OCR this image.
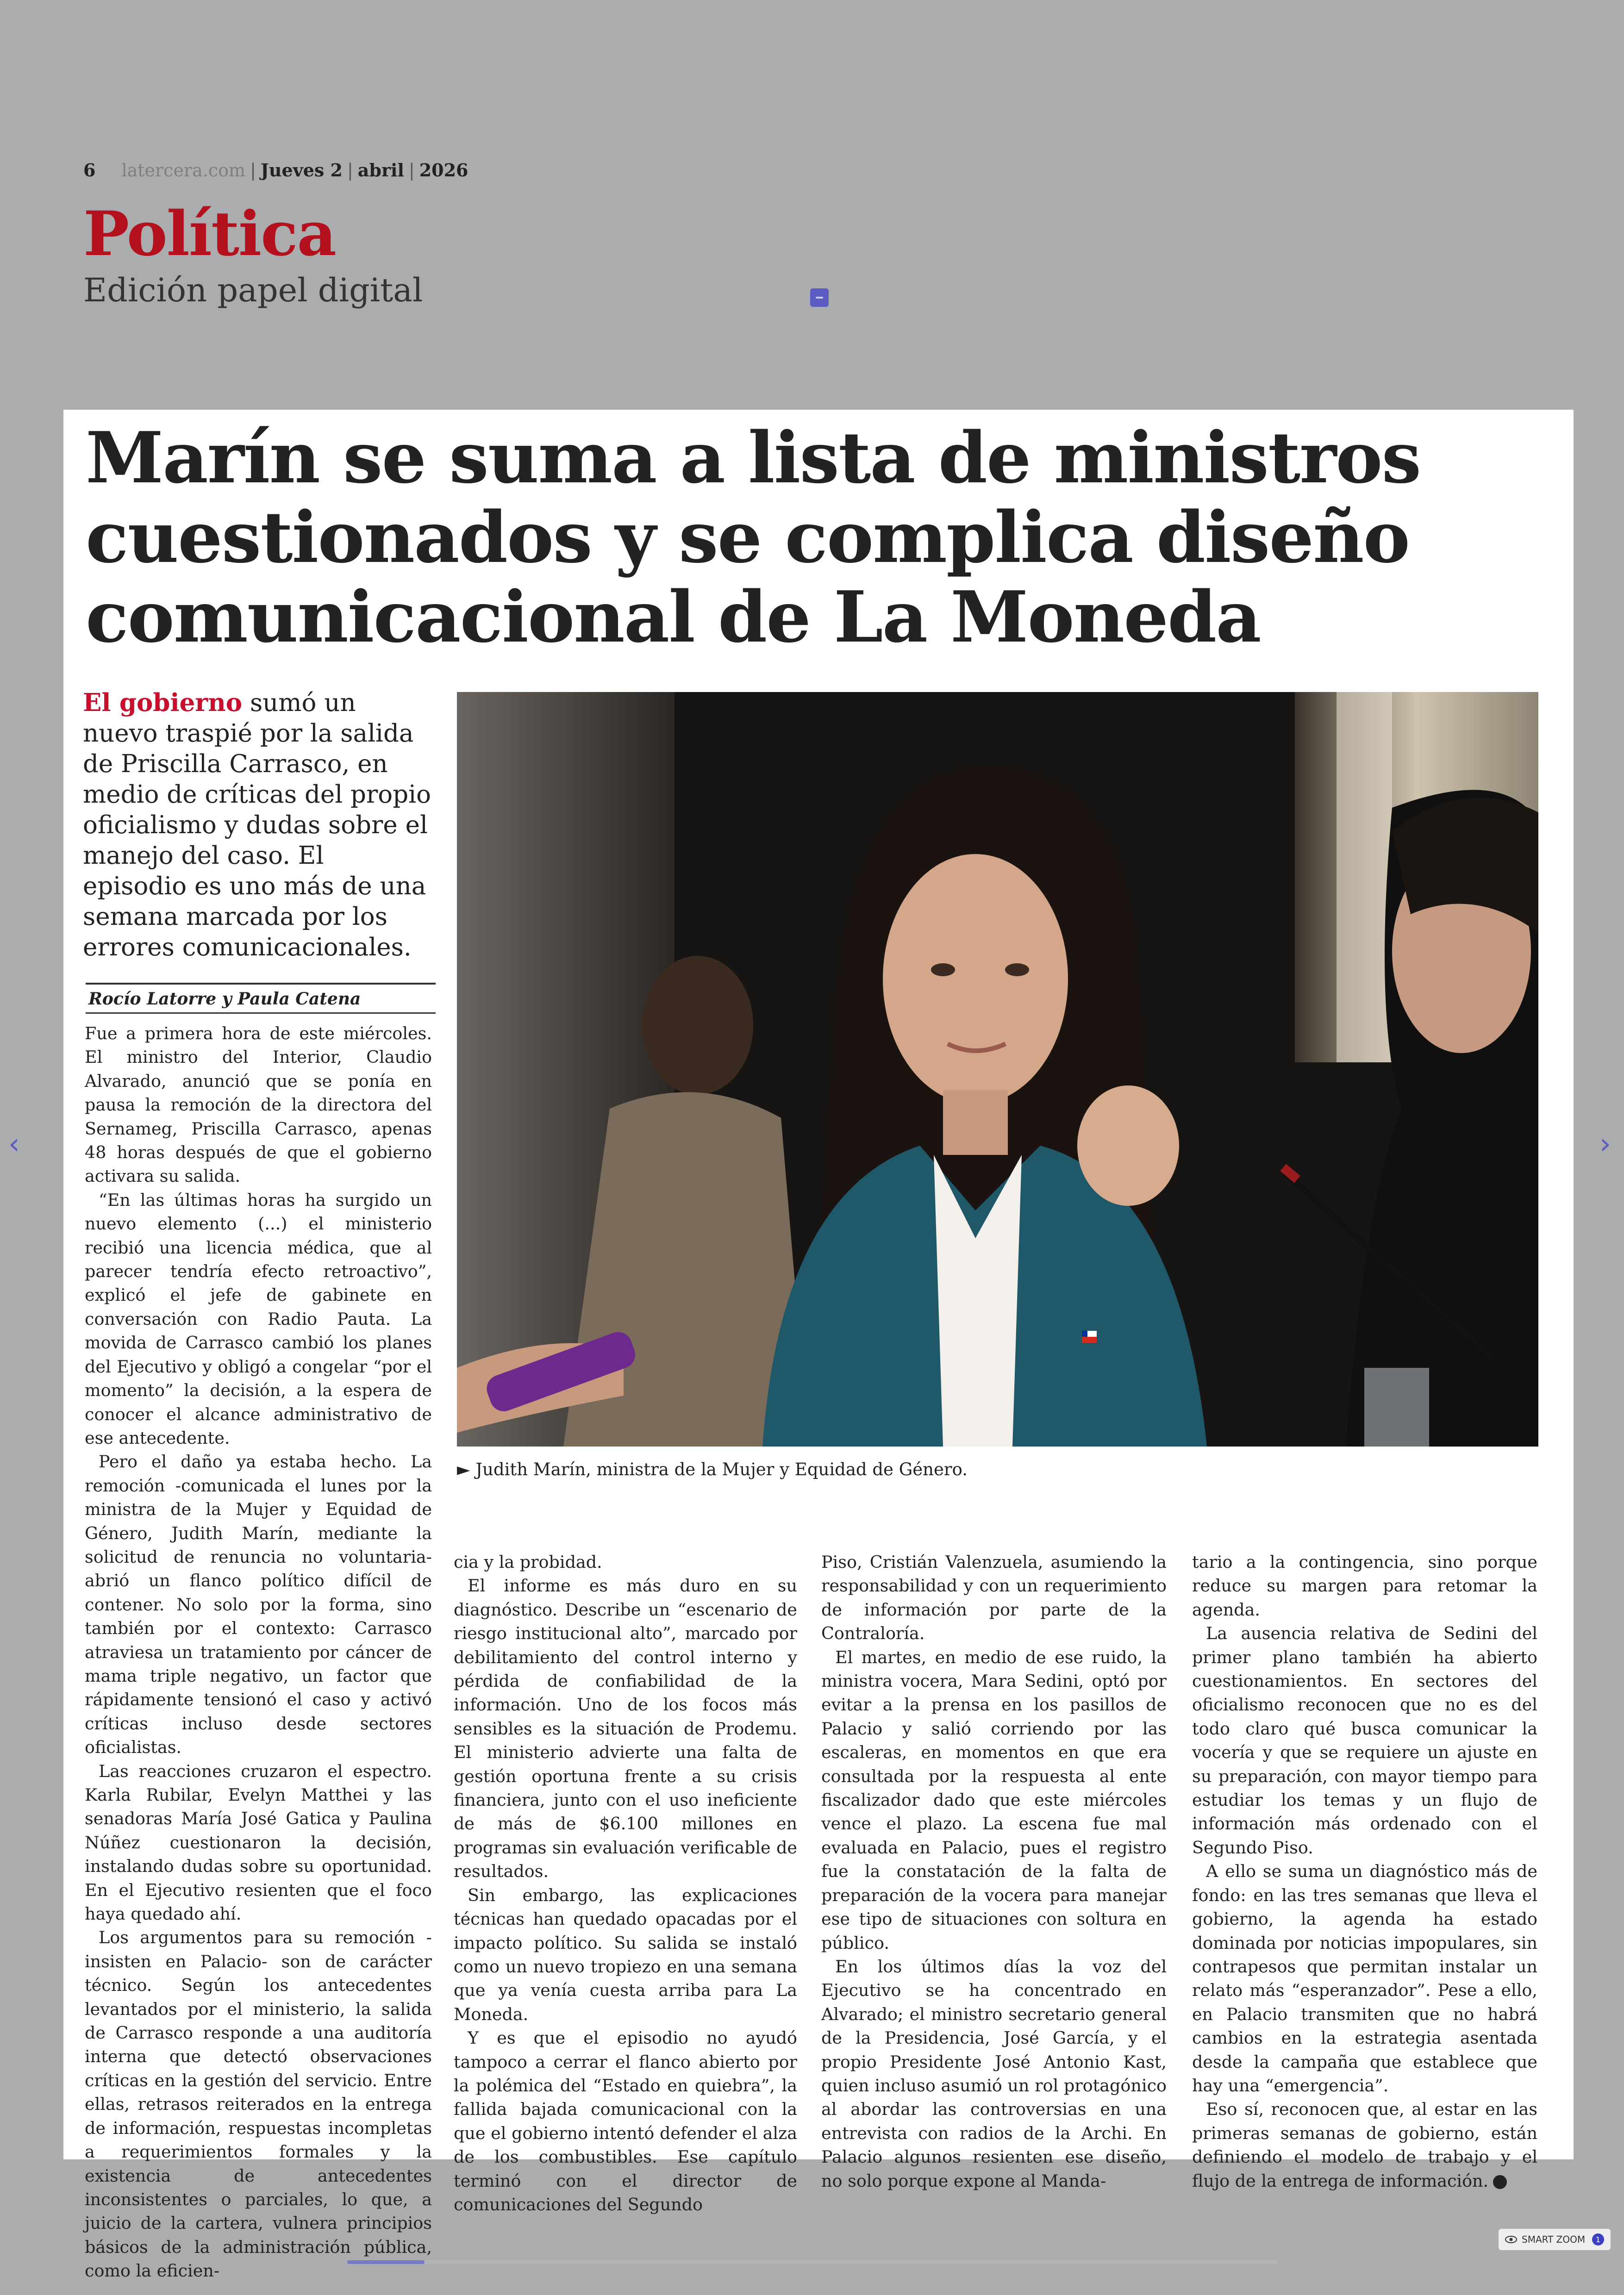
6 latercera.com | Jueves 2 | abril | 2026
Política
Edición papel digital
Marín se suma a lista de ministros cuestionados y se complica diseño comunicacional de La Moneda
El gobierno sumó un nuevo traspié por la salida de Priscilla Carrasco, en medio de críticas del propio oficialismo y dudas sobre el manejo del caso. El episodio es uno más de una semana marcada por los errores comunicacionales.
Rocío Latorre y Paula Catena
► Judith Marín, ministra de la Mujer y Equidad de Género.

Fue a primera hora de este miércoles. El ministro del Interior, Claudio Alvarado, anunció que se ponía en pausa la remoción de la directora del Sernameg, Priscilla Carrasco, apenas 48 horas después de que el gobierno activara su salida.

“En las últimas horas ha surgido un nuevo elemento (...) el ministerio recibió una licencia médica, que al parecer tendría efecto retroactivo”, explicó el jefe de gabinete en conversación con Radio Pauta. La movida de Carrasco cambió los planes del Ejecutivo y obligó a congelar “por el momento” la decisión, a la espera de conocer el alcance administrativo de ese antecedente.

Pero el daño ya estaba hecho. La remoción -comunicada el lunes por la ministra de la Mujer y Equidad de Género, Judith Marín, mediante la solicitud de renuncia no voluntaria- abrió un flanco político difícil de contener. No solo por la forma, sino también por el contexto: Carrasco atraviesa un tratamiento por cáncer de mama triple negativo, un factor que rápidamente tensionó el caso y activó críticas incluso desde sectores oficialistas.

Las reacciones cruzaron el espectro. Karla Rubilar, Evelyn Matthei y las senadoras María José Gatica y Paulina Núñez cuestionaron la decisión, instalando dudas sobre su oportunidad. En el Ejecutivo resienten que el foco haya quedado ahí.

Los argumentos para su remoción -insisten en Palacio- son de carácter técnico. Según los antecedentes levantados por el ministerio, la salida de Carrasco responde a una auditoría interna que detectó observaciones críticas en la gestión del servicio. Entre ellas, retrasos reiterados en la entrega de información, respuestas incompletas a requerimientos formales y la existencia de antecedentes inconsistentes o parciales, lo que, a juicio de la cartera, vulnera principios básicos de la administración pública, como la eficien-

cia y la probidad.

El informe es más duro en su diagnóstico. Describe un “escenario de riesgo institucional alto”, marcado por debilitamiento del control interno y pérdida de confiabilidad de la información. Uno de los focos más sensibles es la situación de Prodemu. El ministerio advierte una falta de gestión oportuna frente a su crisis financiera, junto con el uso ineficiente de más de $6.100 millones en programas sin evaluación verificable de resultados.

Sin embargo, las explicaciones técnicas han quedado opacadas por el impacto político. Su salida se instaló como un nuevo tropiezo en una semana que ya venía cuesta arriba para La Moneda.

Y es que el episodio no ayudó tampoco a cerrar el flanco abierto por la polémica del “Estado en quiebra”, la fallida bajada comunicacional con la que el gobierno intentó defender el alza de los combustibles. Ese capítulo terminó con el director de comunicaciones del Segundo

Piso, Cristián Valenzuela, asumiendo la responsabilidad y con un requerimiento de información por parte de la Contraloría.

El martes, en medio de ese ruido, la ministra vocera, Mara Sedini, optó por evitar a la prensa en los pasillos de Palacio y salió corriendo por las escaleras, en momentos en que era consultada por la respuesta al ente fiscalizador dado que este miércoles vence el plazo. La escena fue mal evaluada en Palacio, pues el registro fue la constatación de la falta de preparación de la vocera para manejar ese tipo de situaciones con soltura en público.

En los últimos días la voz del Ejecutivo se ha concentrado en Alvarado; el ministro secretario general de la Presidencia, José García, y el propio Presidente José Antonio Kast, quien incluso asumió un rol protagónico al abordar las controversias en una entrevista con radios de la Archi. En Palacio algunos resienten ese diseño, no solo porque expone al Manda-

tario a la contingencia, sino porque reduce su margen para retomar la agenda.

La ausencia relativa de Sedini del primer plano también ha abierto cuestionamientos. En sectores del oficialismo reconocen que no es del todo claro qué busca comunicar la vocería y que se requiere un ajuste en su preparación, con mayor tiempo para estudiar los temas y un flujo de información más ordenado con el Segundo Piso.

A ello se suma un diagnóstico más de fondo: en las tres semanas que lleva el gobierno, la agenda ha estado dominada por noticias impopulares, sin contrapesos que permitan instalar un relato más “esperanzador”. Pese a ello, en Palacio transmiten que no habrá cambios en la estrategia asentada desde la campaña que establece que hay una “emergencia”.

Eso sí, reconocen que, al estar en las primeras semanas de gobierno, están definiendo el modelo de trabajo y el flujo de la entrega de información.

‹	›
SMART ZOOM	1
